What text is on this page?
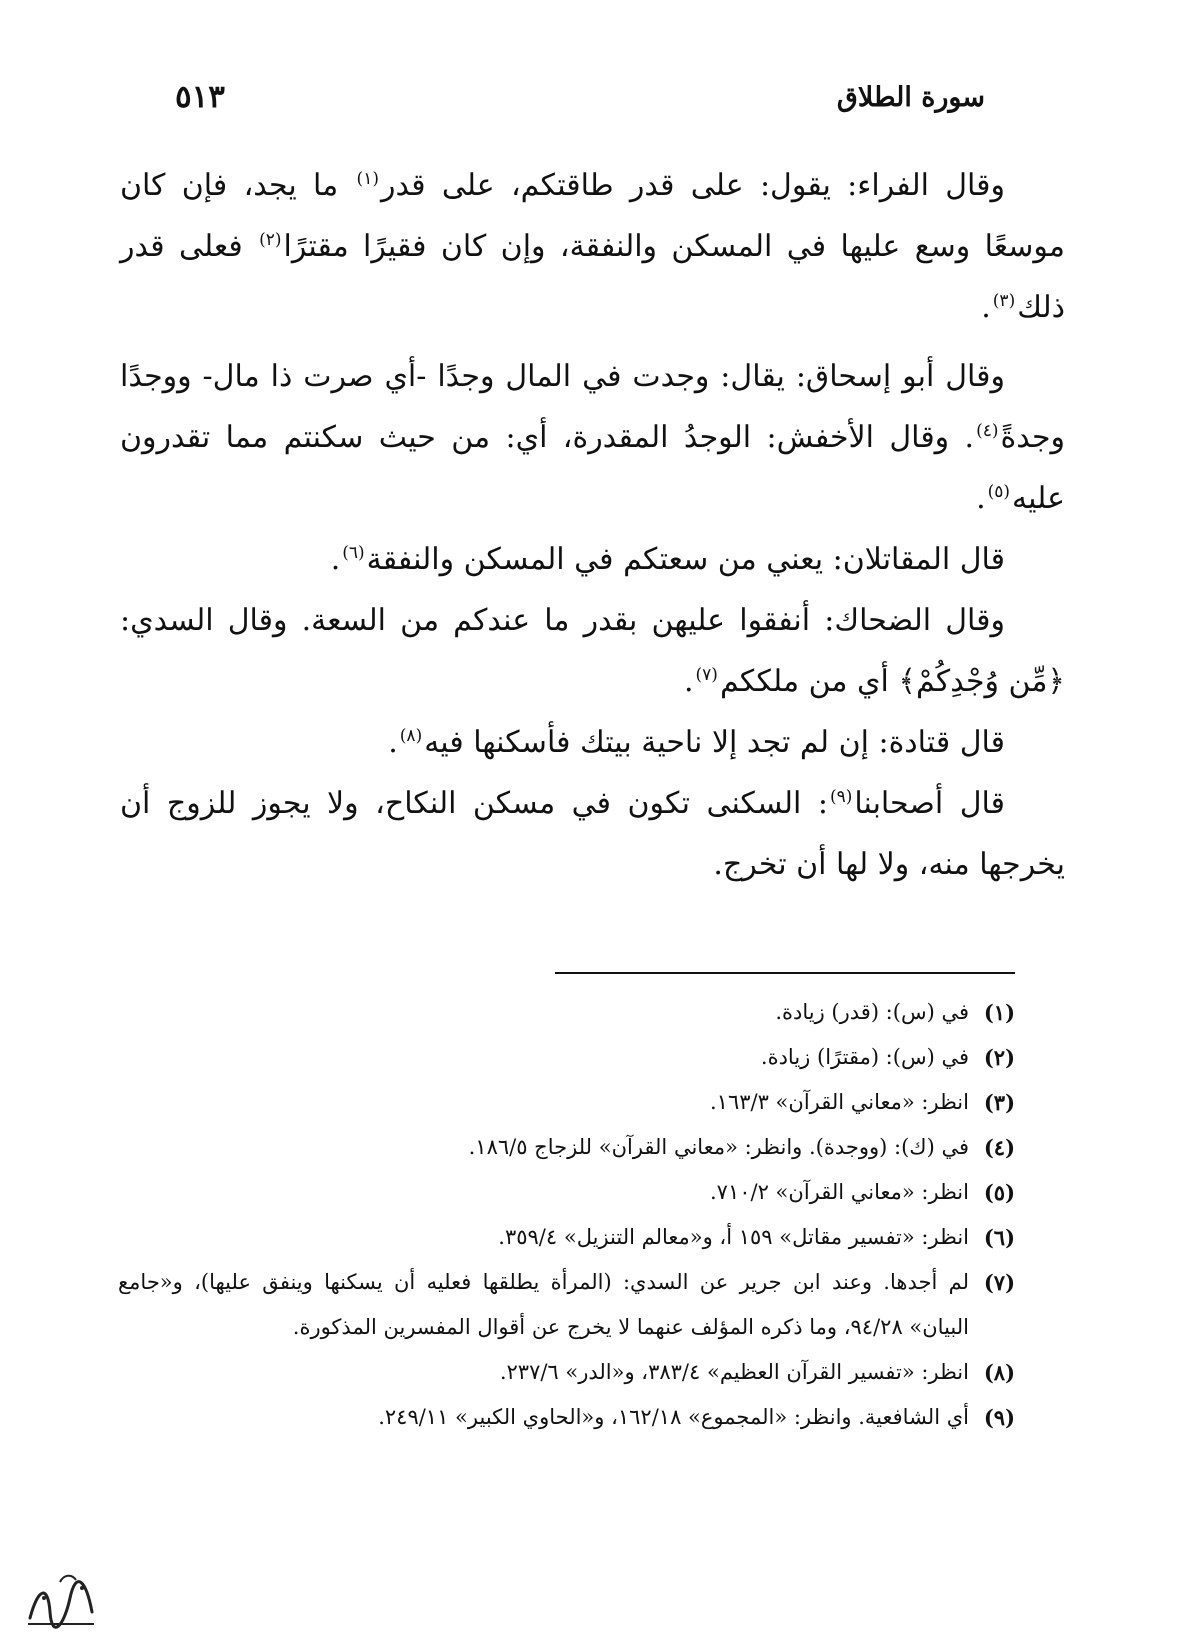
سورة الطلاق
٥١٣

وقال الفراء: يقول: على قدر طاقتكم، على قدر$^{(١)}$ ما يجد، فإن كان موسعًا وسع عليها في المسكن والنفقة، وإن كان فقيرًا مقترًا$^{(٢)}$ فعلى قدر ذلك$^{(٣)}$.

وقال أبو إسحاق: يقال: وجدت في المال وجدًا -أي صرت ذا مال- ووجدًا وجدةً$^{(٤)}$. وقال الأخفش: الوجدُ المقدرة، أي: من حيث سكنتم مما تقدرون عليه$^{(٥)}$.

قال المقاتلان: يعني من سعتكم في المسكن والنفقة$^{(٦)}$.

وقال الضحاك: أنفقوا عليهن بقدر ما عندكم من السعة. وقال السدي: ﴿مِّن وُجْدِكُمْ﴾ أي من ملككم$^{(٧)}$.

قال قتادة: إن لم تجد إلا ناحية بيتك فأسكنها فيه$^{(٨)}$.

قال أصحابنا$^{(٩)}$: السكنى تكون في مسكن النكاح، ولا يجوز للزوج أن يخرجها منه، ولا لها أن تخرج.

(١)
في (س): (قدر) زيادة.
(٢)
في (س): (مقترًا) زيادة.
(٣)
انظر: «معاني القرآن» ١٦٣/٣.
(٤)
في (ك): (ووجدة). وانظر: «معاني القرآن» للزجاج ١٨٦/٥.
(٥)
انظر: «معاني القرآن» ٧١٠/٢.
(٦)
انظر: «تفسير مقاتل» ١٥٩ أ، و«معالم التنزيل» ٣٥٩/٤.
(٧)
لم أجدها. وعند ابن جرير عن السدي: (المرأة يطلقها فعليه أن يسكنها وينفق عليها)، و«جامع البيان» ٩٤/٢٨، وما ذكره المؤلف عنهما لا يخرج عن أقوال المفسرين المذكورة.
(٨)
انظر: «تفسير القرآن العظيم» ٣٨٣/٤، و«الدر» ٢٣٧/٦.
(٩)
أي الشافعية. وانظر: «المجموع» ١٦٢/١٨، و«الحاوي الكبير» ٢٤٩/١١.
